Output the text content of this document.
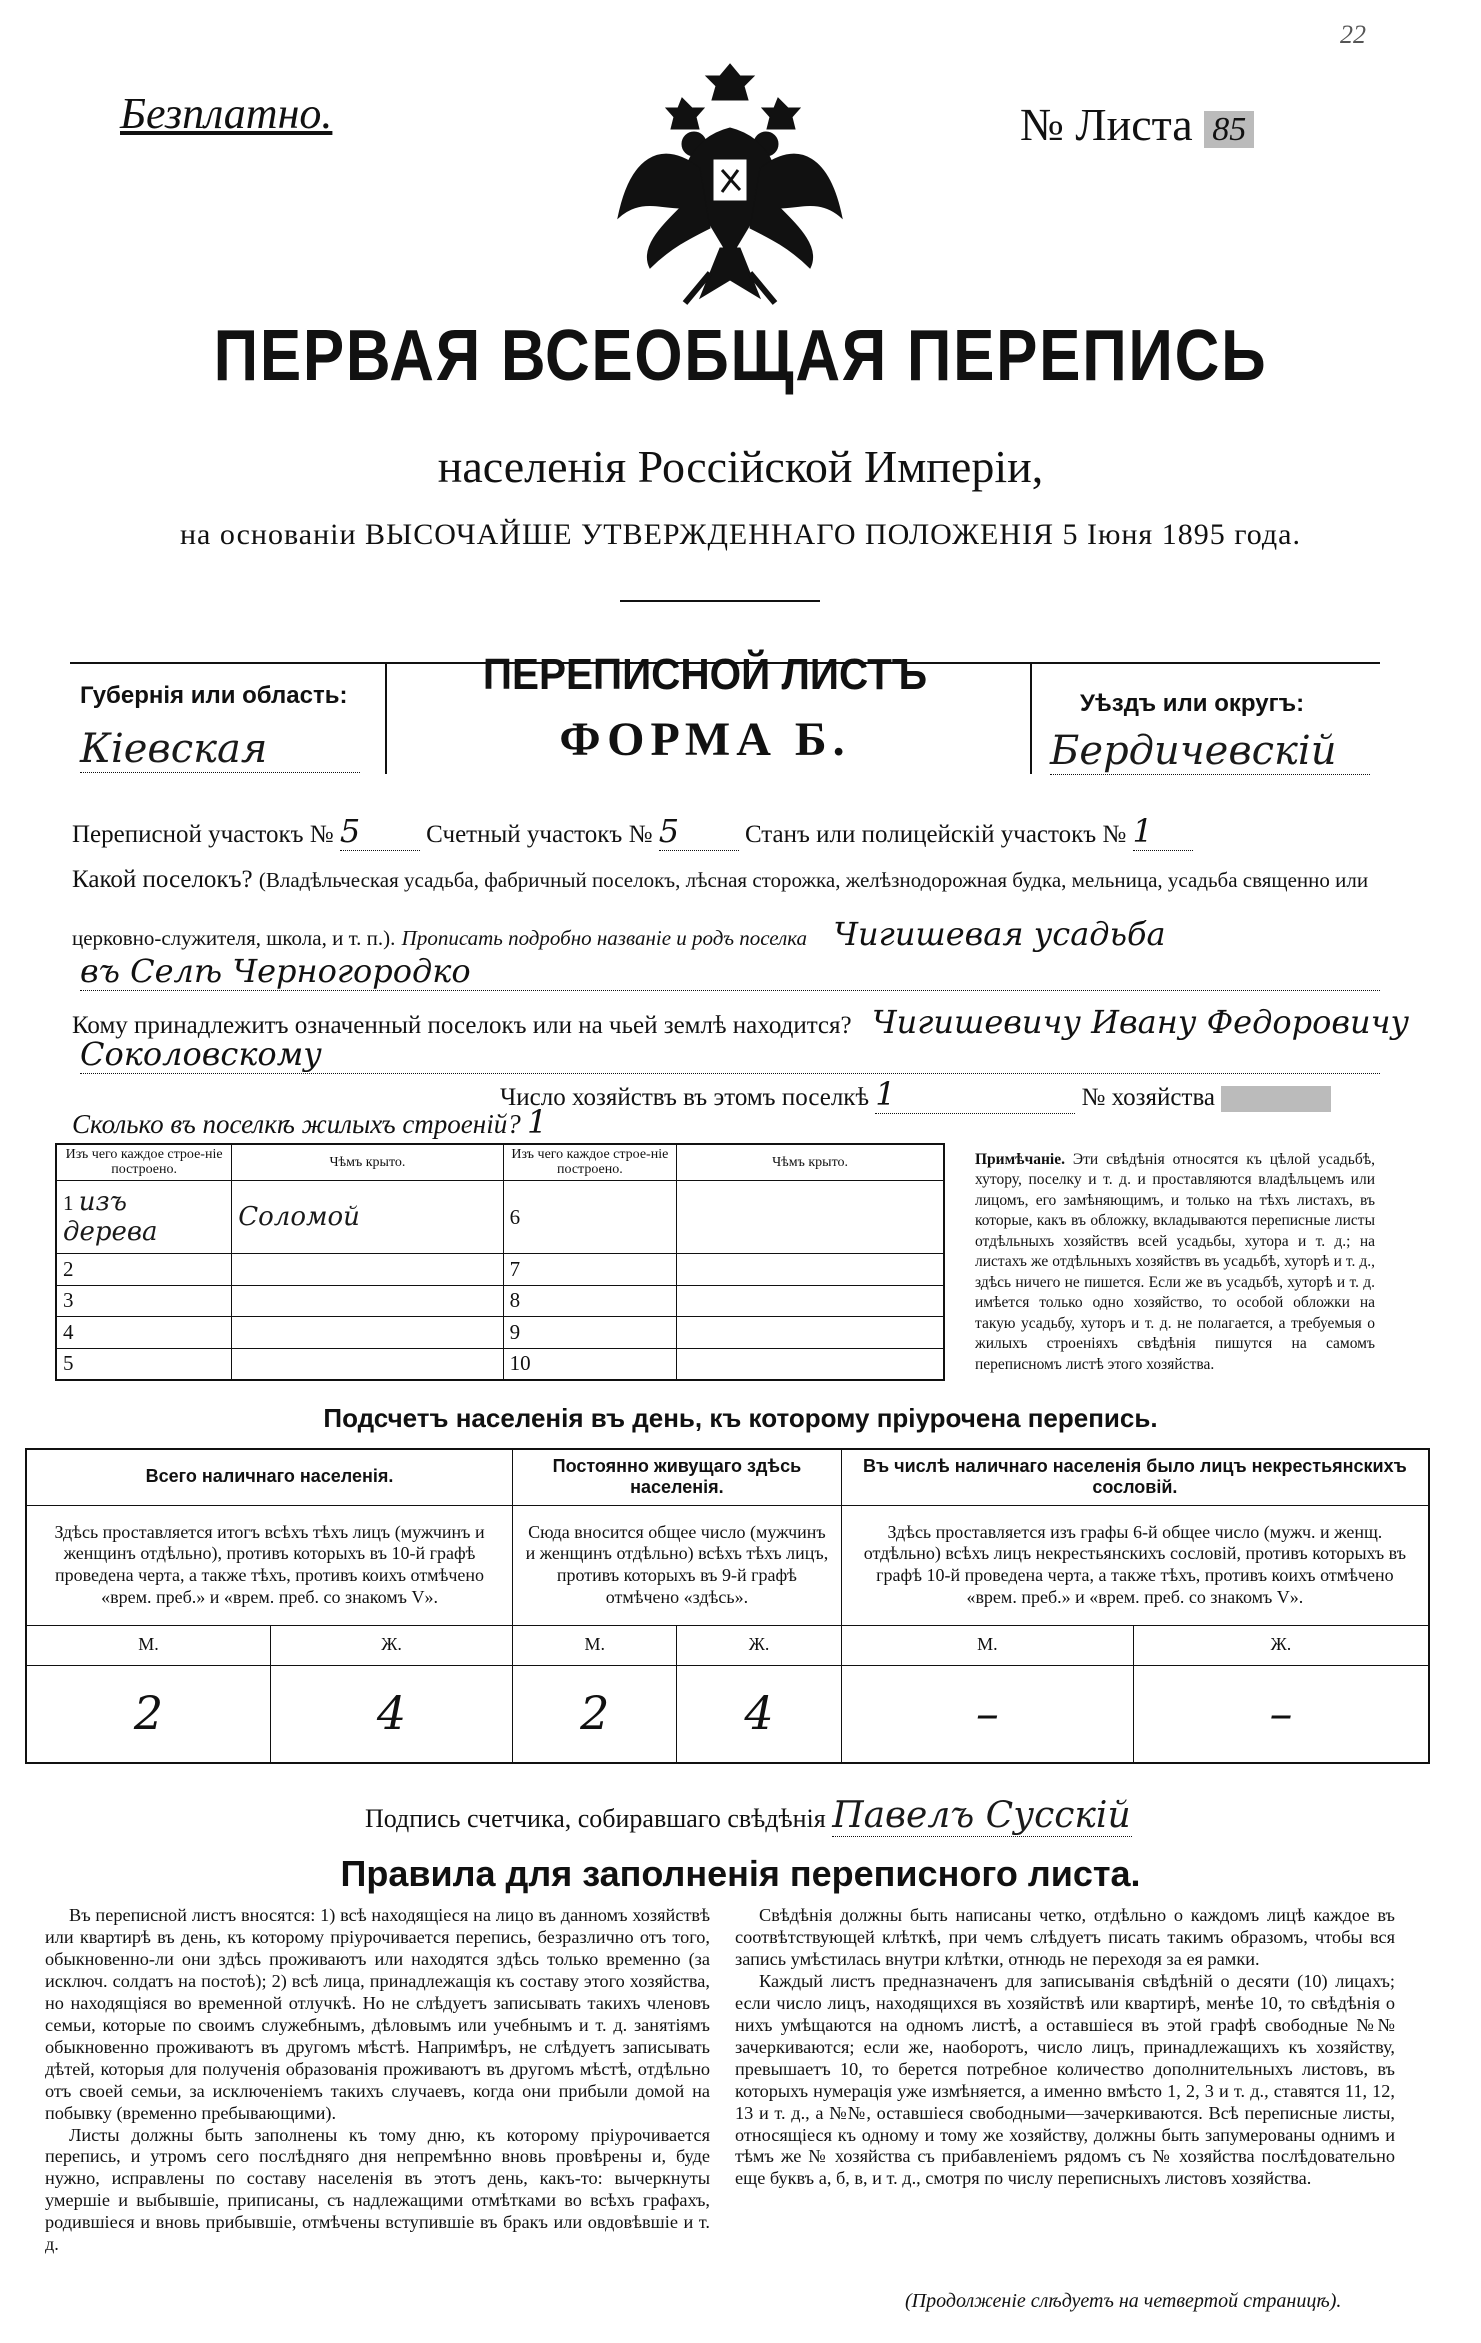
Безплатно.
22
№ Листа 85
ПЕРВАЯ ВСЕОБЩАЯ ПЕРЕПИСЬ
населенія Россійской Имперіи,
на основаніи ВЫСОЧАЙШЕ УТВЕРЖДЕННАГО ПОЛОЖЕНІЯ 5 Іюня 1895 года.
Губернія или область:
Кіевская
ПЕРЕПИСНОЙ ЛИСТЪ
ФОРМА Б.
Уѣздъ или округъ:
Бердичевскій
Переписной участокъ № 5	Счетный участокъ № 5	Станъ или полицейскій участокъ № 1
Какой поселокъ? (Владѣльческая усадьба, фабричный поселокъ, лѣсная сторожка, желѣзнодорожная будка, мельница, усадьба священно или
церковно-служителя, школа, и т. п.). Прописать подробно названіе и родъ поселка Чигишевая усадьба
въ Селѣ Черногородко
Кому принадлежитъ означенный поселокъ или на чьей землѣ находится? Чигишевичу Ивану Федоровичу
Соколовскому
Число хозяйствъ въ этомъ поселкѣ 1	№ хозяйства
Сколько въ поселкѣ жилыхъ строеній? 1
Изъ чего каждое строе-ніе построено.	Чѣмъ крыто.	Изъ чего каждое строе-ніе построено.	Чѣмъ крыто.
1 изъ дерева	Соломой	6	
2		7	
3		8	
4		9	
5		10	
Примѣчаніе. Эти свѣдѣнія относятся къ цѣлой усадьбѣ, хутору, поселку и т. д. и проставляются владѣльцемъ или лицомъ, его замѣняющимъ, и только на тѣхъ листахъ, въ которые, какъ въ обложку, вкладываются переписные листы отдѣльныхъ хозяйствъ всей усадьбы, хутора и т. д.; на листахъ же отдѣльныхъ хозяйствъ въ усадьбѣ, хуторѣ и т. д., здѣсь ничего не пишется. Если же въ усадьбѣ, хуторѣ и т. д. имѣется только одно хозяйство, то особой обложки на такую усадьбу, хуторъ и т. д. не полагается, а требуемыя о жилыхъ строеніяхъ свѣдѣнія пишутся на самомъ переписномъ листѣ этого хозяйства.
Подсчетъ населенія въ день, къ которому пріурочена перепись.
Всего наличнаго населенія.		Постоянно живущаго здѣсь населенія.		Въ числѣ наличнаго населенія было лицъ некрестьянскихъ сословій.	
Здѣсь проставляется итогъ всѣхъ тѣхъ лицъ (мужчинъ и женщинъ отдѣльно), противъ которыхъ въ 10-й графѣ проведена черта, а также тѣхъ, противъ коихъ отмѣчено «врем. преб.» и «врем. преб. со знакомъ V».		Сюда вносится общее число (мужчинъ и женщинъ отдѣльно) всѣхъ тѣхъ лицъ, противъ которыхъ въ 9-й графѣ отмѣчено «здѣсь».		Здѣсь проставляется изъ графы 6-й общее число (мужч. и женщ. отдѣльно) всѣхъ лицъ некрестьянскихъ сословій, противъ которыхъ въ графѣ 10-й проведена черта, а также тѣхъ, противъ коихъ отмѣчено «врем. преб.» и «врем. преб. со знакомъ V».	
М.	Ж.	М.	Ж.	М.	Ж.
2	4	2	4	–	–
Подпись счетчика, собиравшаго свѣдѣнія Павелъ Сусскій
Правила для заполненія переписного листа.

Въ переписной листъ вносятся: 1) всѣ находящіеся на лицо въ данномъ хозяйствѣ или квартирѣ въ день, къ которому пріурочивается перепись, безразлично отъ того, обыкновенно-ли они здѣсь проживаютъ или находятся здѣсь только временно (за исключ. солдатъ на постоѣ); 2) всѣ лица, принадлежащія къ составу этого хозяйства, но находящіяся во временной отлучкѣ. Но не слѣдуетъ записывать такихъ членовъ семьи, которые по своимъ служебнымъ, дѣловымъ или учебнымъ и т. д. занятіямъ обыкновенно проживаютъ въ другомъ мѣстѣ. Напримѣръ, не слѣдуетъ записывать дѣтей, которыя для полученія образованія проживаютъ въ другомъ мѣстѣ, отдѣльно отъ своей семьи, за исключеніемъ такихъ случаевъ, когда они прибыли домой на побывку (временно пребывающими).

Листы должны быть заполнены къ тому дню, къ которому пріурочивается перепись, и утромъ сего послѣдняго дня непремѣнно вновь провѣрены и, буде нужно, исправлены по составу населенія въ этотъ день, какъ-то: вычеркнуты умершіе и выбывшіе, приписаны, съ надлежащими отмѣтками во всѣхъ графахъ, родившіеся и вновь прибывшіе, отмѣчены вступившіе въ бракъ или овдовѣвшіе и т. д.

Свѣдѣнія должны быть написаны четко, отдѣльно о каждомъ лицѣ каждое въ соотвѣтствующей клѣткѣ, при чемъ слѣдуетъ писать такимъ образомъ, чтобы вся запись умѣстилась внутри клѣтки, отнюдь не переходя за ея рамки.

Каждый листъ предназначенъ для записыванія свѣдѣній о десяти (10) лицахъ; если число лицъ, находящихся въ хозяйствѣ или квартирѣ, менѣе 10, то свѣдѣнія о нихъ умѣщаются на одномъ листѣ, а оставшіеся въ этой графѣ свободные №№ зачеркиваются; если же, наоборотъ, число лицъ, принадлежащихъ къ хозяйству, превышаетъ 10, то берется потребное количество дополнительныхъ листовъ, въ которыхъ нумерація уже измѣняется, а именно вмѣсто 1, 2, 3 и т. д., ставятся 11, 12, 13 и т. д., а №№, оставшіеся свободными—зачеркиваются. Всѣ переписные листы, относящіеся къ одному и тому же хозяйству, должны быть запумерованы однимъ и тѣмъ же № хозяйства съ прибавленіемъ рядомъ съ № хозяйства послѣдовательно еще буквъ а, б, в, и т. д., смотря по числу переписныхъ листовъ хозяйства.

(Продолженіе слѣдуетъ на четвертой страницѣ).
